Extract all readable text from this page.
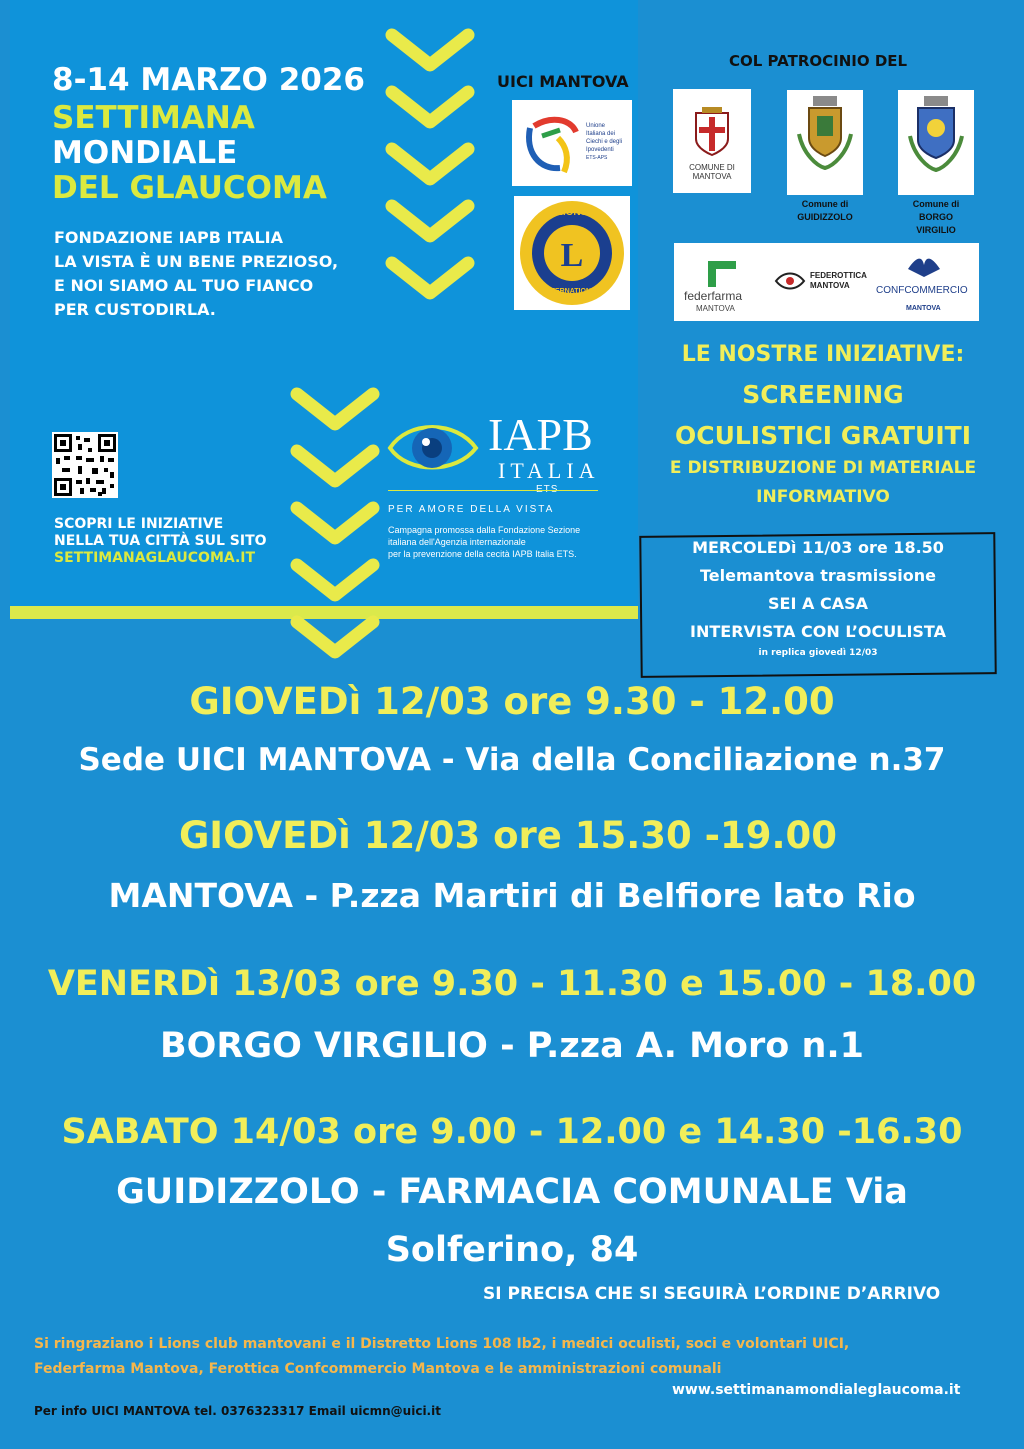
8-14 MARZO 2026
SETTIMANA
MONDIALE
DEL GLAUCOMA
FONDAZIONE IAPB ITALIA
LA VISTA È UN BENE PREZIOSO,
E NOI SIAMO AL TUO FIANCO
PER CUSTODIRLA.
SCOPRI LE INIZIATIVE
NELLA TUA CITTÀ SUL SITO
SETTIMANAGLAUCOMA.IT
UICI MANTOVA
Unione
Italiana dei
Ciechi e degli
Ipovedenti
ETS-APS
L
LIONS
INTERNATIONAL
COL PATROCINIO DEL
COMUNE DI
MANTOVA
Comune di
GUIDIZZOLO
Comune di
BORGO
VIRGILIO
federfarma
MANTOVA
FEDEROTTICA
MANTOVA	CONFCOMMERCIO
MANTOVA
IAPB
ITALIA
PER AMORE DELLA VISTA
Campagna promossa dalla Fondazione Sezione
italiana dell'Agenzia internazionale
per la prevenzione della cecità IAPB Italia ETS.
LE NOSTRE INIZIATIVE:
SCREENING
OCULISTICI GRATUITI
E DISTRIBUZIONE DI MATERIALE
INFORMATIVO
MERCOLEDì 11/03 ore 18.50
Telemantova trasmissione
SEI A CASA
INTERVISTA CON L’OCULISTA
in replica giovedì 12/03
GIOVEDì 12/03 ore 9.30 - 12.00
Sede UICI MANTOVA - Via della Conciliazione n.37
GIOVEDì 12/03 ore 15.30 -19.00
MANTOVA - P.zza Martiri di Belfiore lato Rio
VENERDì 13/03 ore 9.30 - 11.30 e 15.00 - 18.00
BORGO VIRGILIO - P.zza A. Moro n.1
SABATO 14/03 ore 9.00 - 12.00 e 14.30 -16.30
GUIDIZZOLO - FARMACIA COMUNALE Via
Solferino, 84
SI PRECISA CHE SI SEGUIRÀ L’ORDINE D’ARRIVO
Si ringraziano i Lions club mantovani e il Distretto Lions 108 Ib2, i medici oculisti, soci e volontari UICI,
Federfarma Mantova, Ferottica Confcommercio Mantova e le amministrazioni comunali
www.settimanamondialeglaucoma.it
Per info UICI MANTOVA tel. 0376323317 Email uicmn@uici.it
